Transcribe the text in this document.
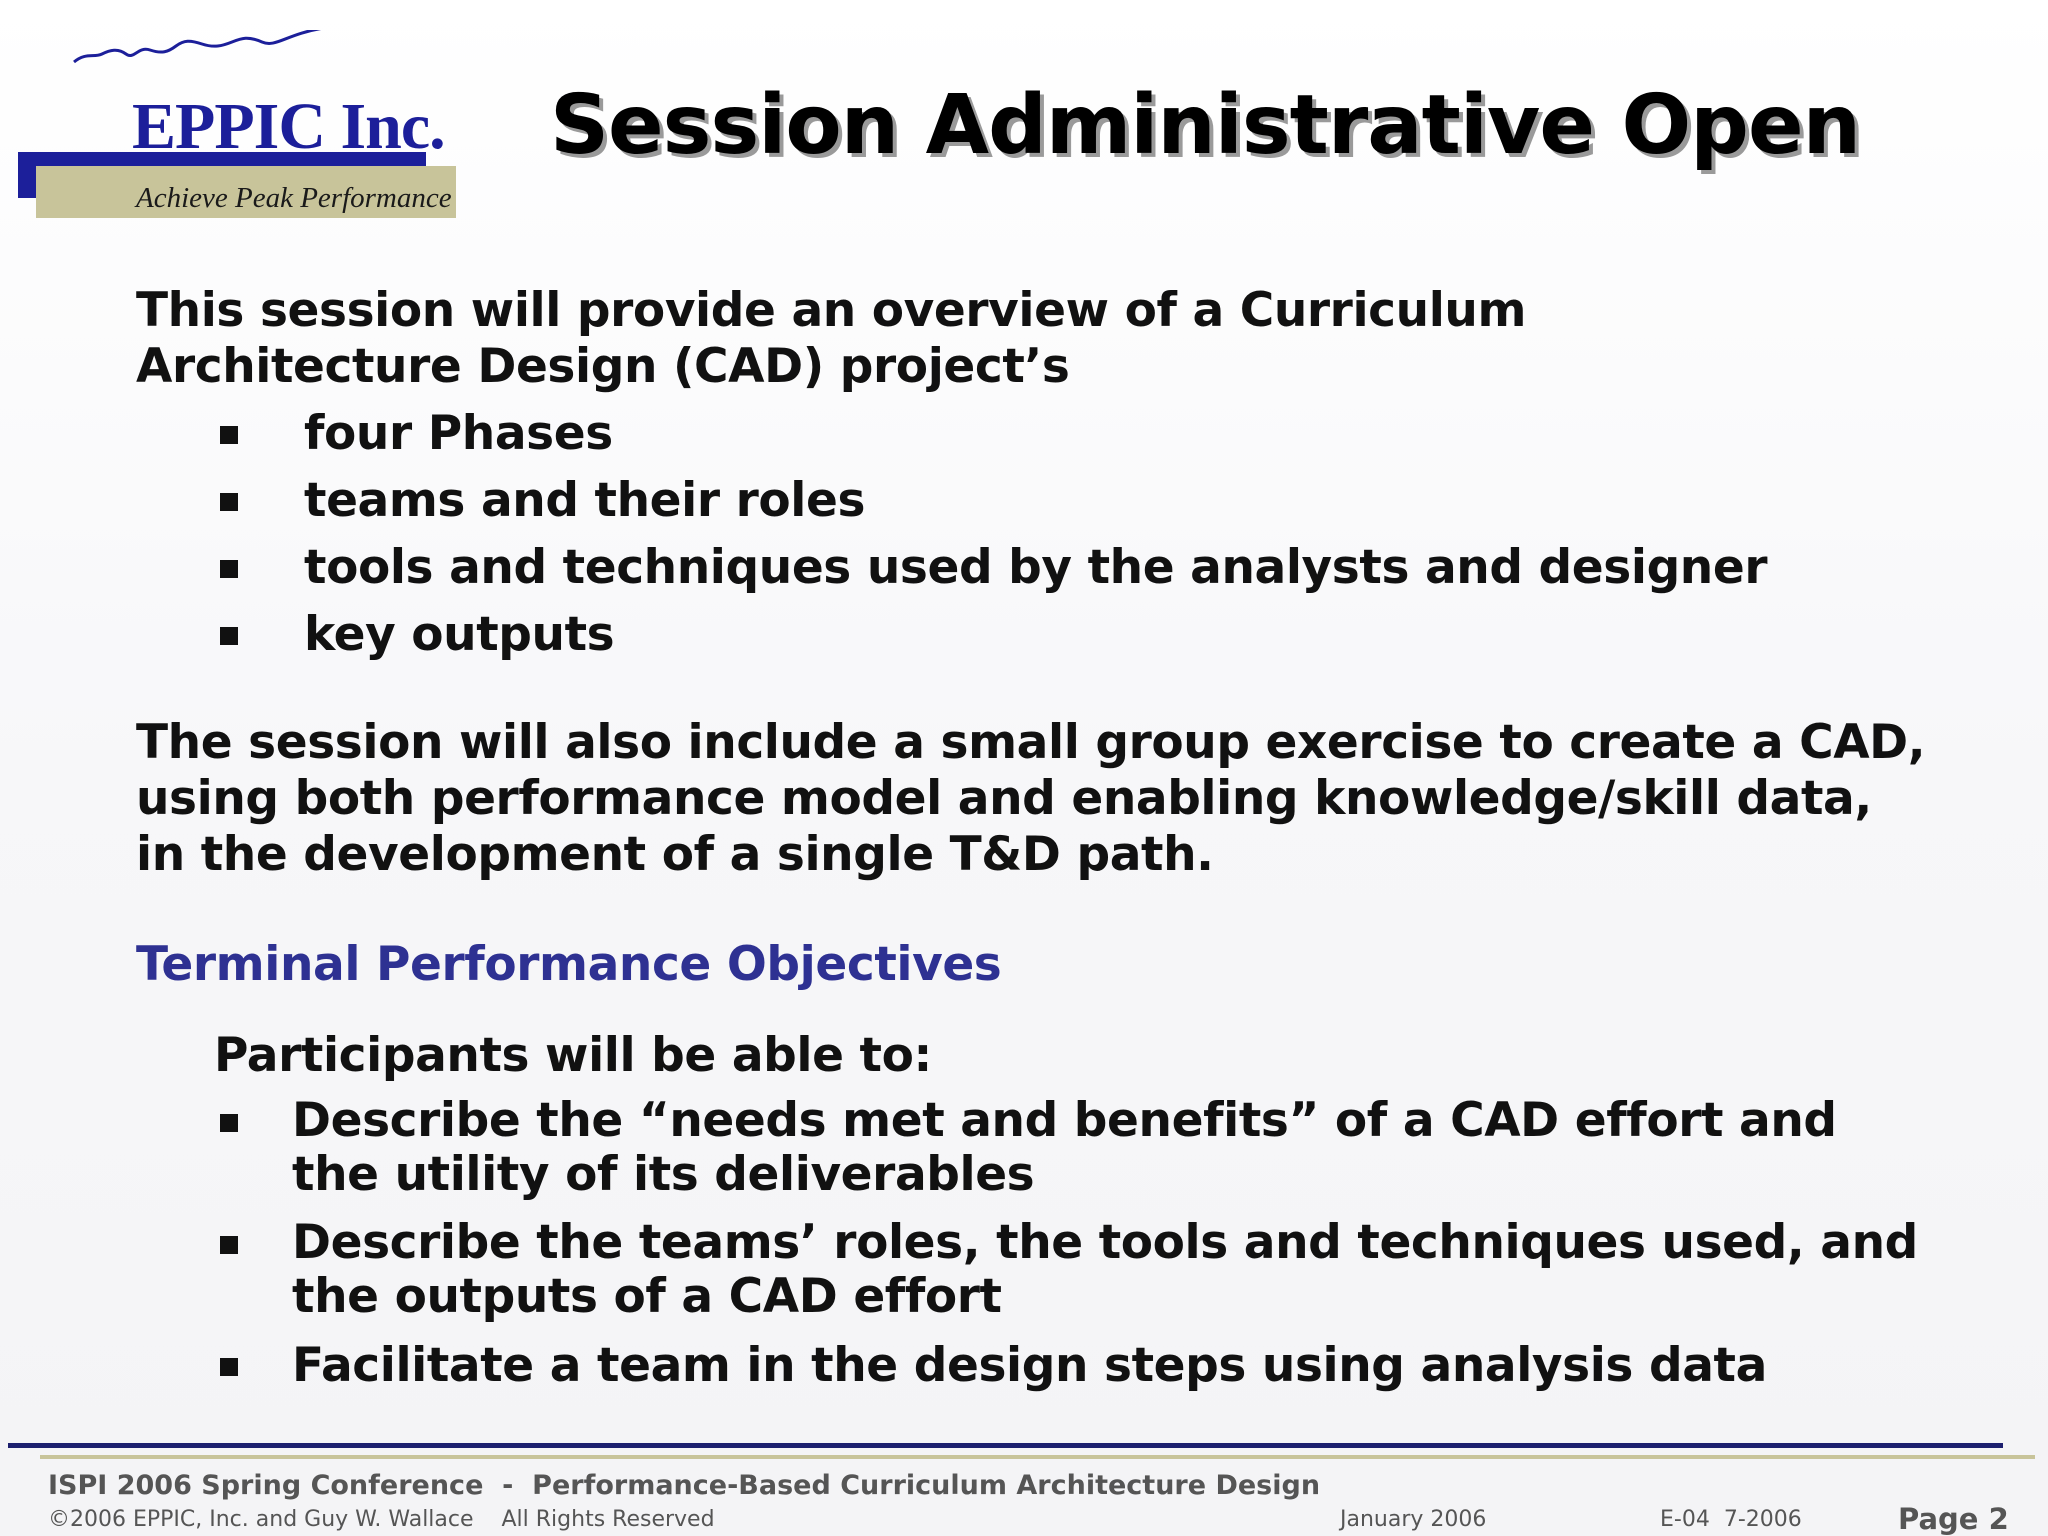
EPPIC Inc.
Achieve Peak Performance
Session Administrative Open
This session will provide an overview of a Curriculum Architecture Design (CAD) project’s
four Phases
teams and their roles
tools and techniques used by the analysts and designer
key outputs
The session will also include a small group exercise to create a CAD, using both performance model and enabling knowledge/skill data, in the development of a single T&D path.
Terminal Performance Objectives
Participants will be able to:
Describe the “needs met and benefits” of a CAD effort and the utility of its deliverables
Describe the teams’ roles, the tools and techniques used, and the outputs of a CAD effort
Facilitate a team in the design steps using analysis data
ISPI 2006 Spring Conference  -  Performance-Based Curriculum Architecture Design
©2006 EPPIC, Inc. and Guy W. Wallace    All Rights Reserved	January 2006	E-04  7-2006	Page 2
